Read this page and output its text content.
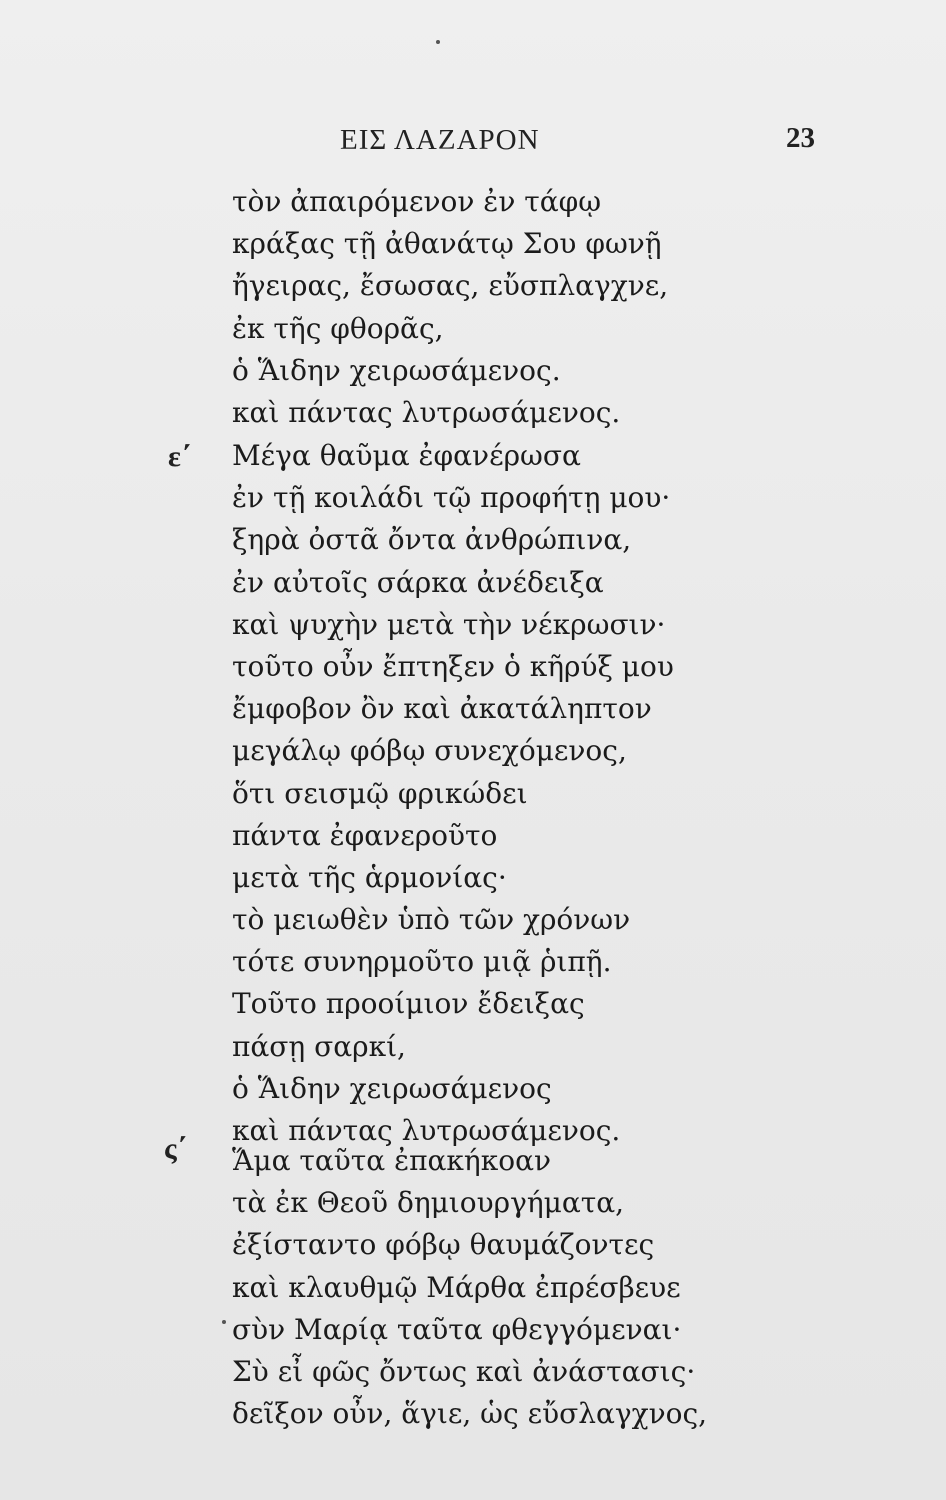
ΕΙΣ ΛΑΖΑΡΟΝ	23
τὸν ἀπαιρόμενον ἐν τάφῳ
κράξας τῇ ἀθανάτῳ Σου φωνῇ
ἤγειρας, ἔσωσας, εὔσπλαγχνε,
ἐκ τῆς φθορᾶς,
ὁ Ἅιδην χειρωσάμενος.
καὶ πάντας λυτρωσάμενος.
ε΄ Μέγα θαῦμα ἐφανέρωσα
ἐν τῇ κοιλάδι τῷ προφήτῃ μου·
ξηρὰ ὀστᾶ ὄντα ἀνθρώπινα,
ἐν αὐτοῖς σάρκα ἀνέδειξα
καὶ ψυχὴν μετὰ τὴν νέκρωσιν·
τοῦτο οὖν ἔπτηξεν ὁ κῆρύξ μου
ἔμφοβον ὂν καὶ ἀκατάληπτον
μεγάλῳ φόβῳ συνεχόμενος,
ὅτι σεισμῷ φρικώδει
πάντα ἐφανεροῦτο
μετὰ τῆς ἁρμονίας·
τὸ μειωθὲν ὑπὸ τῶν χρόνων
τότε συνηρμοῦτο μιᾷ ῥιπῇ.
Τοῦτο προοίμιον ἔδειξας
πάσῃ σαρκί,
ὁ Ἅιδην χειρωσάμενος
καὶ πάντας λυτρωσάμενος.
ς΄ Ἅμα ταῦτα ἐπακήκοαν
τὰ ἐκ Θεοῦ δημιουργήματα,
ἐξίσταντο φόβῳ θαυμάζοντες
καὶ κλαυθμῷ Μάρθα ἐπρέσβευε
σὺν Μαρίᾳ ταῦτα φθεγγόμεναι·
Σὺ εἶ φῶς ὄντως καὶ ἀνάστασις·
δεῖξον οὖν, ἅγιε, ὡς εὔσλαγχνος,
